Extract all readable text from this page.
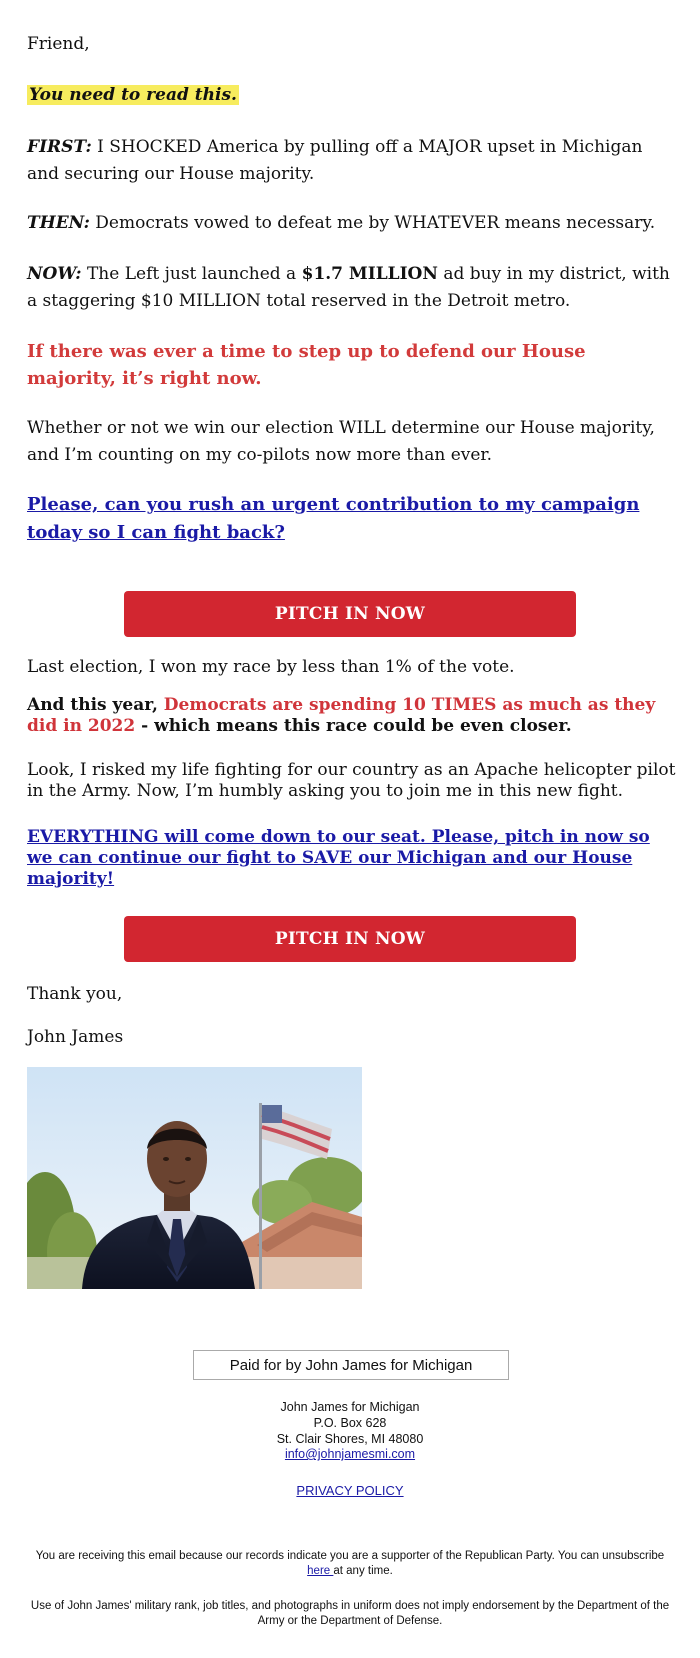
Friend,

You need to read this.

FIRST: I SHOCKED America by pulling off a MAJOR upset in Michigan and securing our House majority.

THEN: Democrats vowed to defeat me by WHATEVER means necessary.

NOW: The Left just launched a $1.7 MILLION ad buy in my district, with a staggering $10 MILLION total reserved in the Detroit metro.

If there was ever a time to step up to defend our House majority, it’s right now.

Whether or not we win our election WILL determine our House majority, and I’m counting on my co-pilots now more than ever.

Please, can you rush an urgent contribution to my campaign today so I can fight back?

PITCH IN NOW

Last election, I won my race by less than 1% of the vote.

And this year, Democrats are spending 10 TIMES as much as they did in 2022 - which means this race could be even closer.

Look, I risked my life fighting for our country as an Apache helicopter pilot in the Army. Now, I’m humbly asking you to join me in this new fight.

EVERYTHING will come down to our seat. Please, pitch in now so we can continue our fight to SAVE our Michigan and our House majority!

PITCH IN NOW

Thank you,

John James

Paid for by John James for Michigan
John James for Michigan
P.O. Box 628
St. Clair Shores, MI 48080
info@johnjamesmi.com
PRIVACY POLICY
You are receiving this email because our records indicate you are a supporter of the Republican Party. You can unsubscribe here at any time.
Use of John James' military rank, job titles, and photographs in uniform does not imply endorsement by the Department of the Army or the Department of Defense.
